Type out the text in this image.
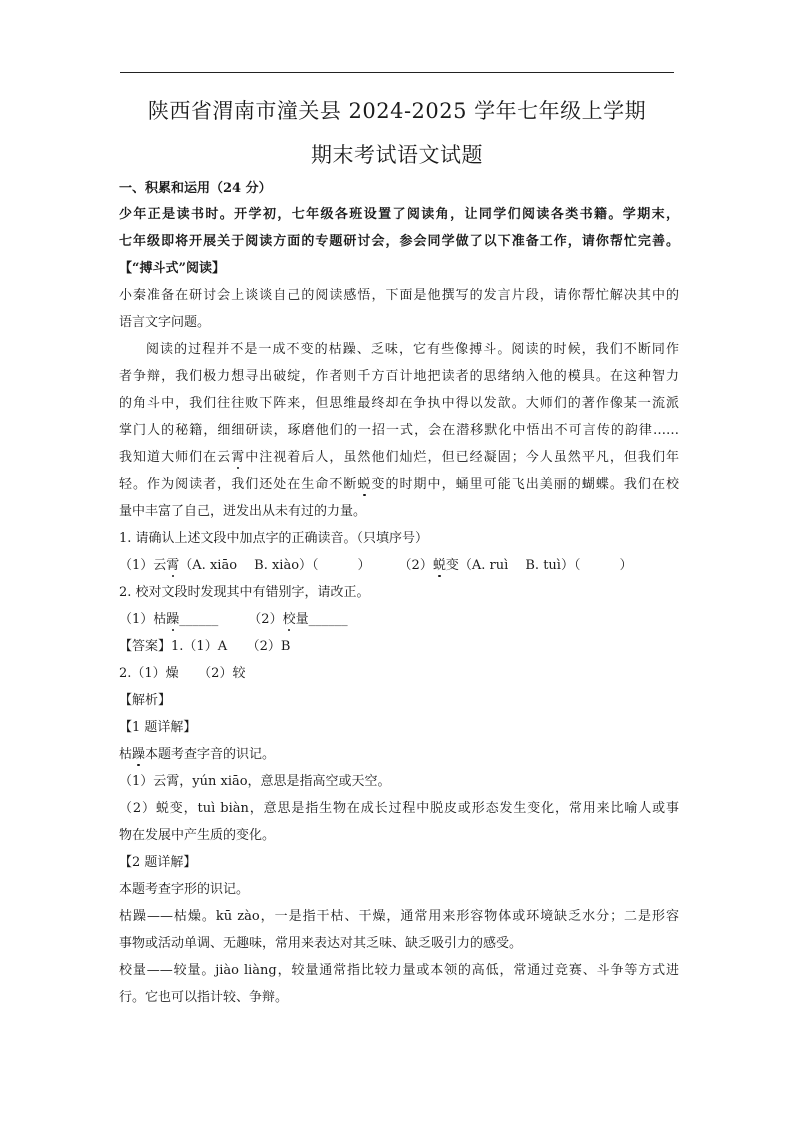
陕西省渭南市潼关县 2024-2025 学年七年级上学期
期末考试语文试题
一、积累和运用（24 分）
少年正是读书时。开学初，七年级各班设置了阅读角，让同学们阅读各类书籍。学期末，
七年级即将开展关于阅读方面的专题研讨会，参会同学做了以下准备工作，请你帮忙完善。
【“搏斗式”阅读】
小秦准备在研讨会上谈谈自己的阅读感悟，下面是他撰写的发言片段，请你帮忙解决其中的
语言文字问题。
阅读的过程并不是一成不变的枯躁、乏味，它有些像搏斗。阅读的时候，我们不断同作
者争辩，我们极力想寻出破绽，作者则千方百计地把读者的思绪纳入他的模具。在这种智力
的角斗中，我们往往败下阵来，但思维最终却在争执中得以发歆。大师们的著作像某一流派
掌门人的秘籍，细细研读，琢磨他们的一招一式，会在潜移默化中悟出不可言传的韵律……
我知道大师们在云霄中注视着后人，虽然他们灿烂，但已经凝固；今人虽然平凡，但我们年
轻。作为阅读者，我们还处在生命不断蜕变的时期中，蛹里可能飞出美丽的蝴蝶。我们在校
量中丰富了自己，迸发出从未有过的力量。
1. 请确认上述文段中加点字的正确读音。（只填序号）
（1）云霄（A. xiāo　 B. xiào）（　　　） （2）蜕变（A. ruì　 B. tuì）（　　　）
2. 校对文段时发现其中有错别字，请改正。
（1）枯躁______ （2）校量______
【答案】1.（1）A　　（2）B
2.（1）燥　　（2）较
【解析】
【1 题详解】
枯躁本题考查字音的识记。
（1）云霄，yún xiāo，意思是指高空或天空。
（2）蜕变，tuì biàn，意思是指生物在成长过程中脱皮或形态发生变化，常用来比喻人或事
物在发展中产生质的变化。
【2 题详解】
本题考查字形的识记。
枯躁——枯燥。kū zào，一是指干枯、干燥，通常用来形容物体或环境缺乏水分；二是形容
事物或活动单调、无趣味，常用来表达对其乏味、缺乏吸引力的感受。
校量——较量。jiào liàng，较量通常指比较力量或本领的高低，常通过竞赛、斗争等方式进
行。它也可以指计较、争辩。
